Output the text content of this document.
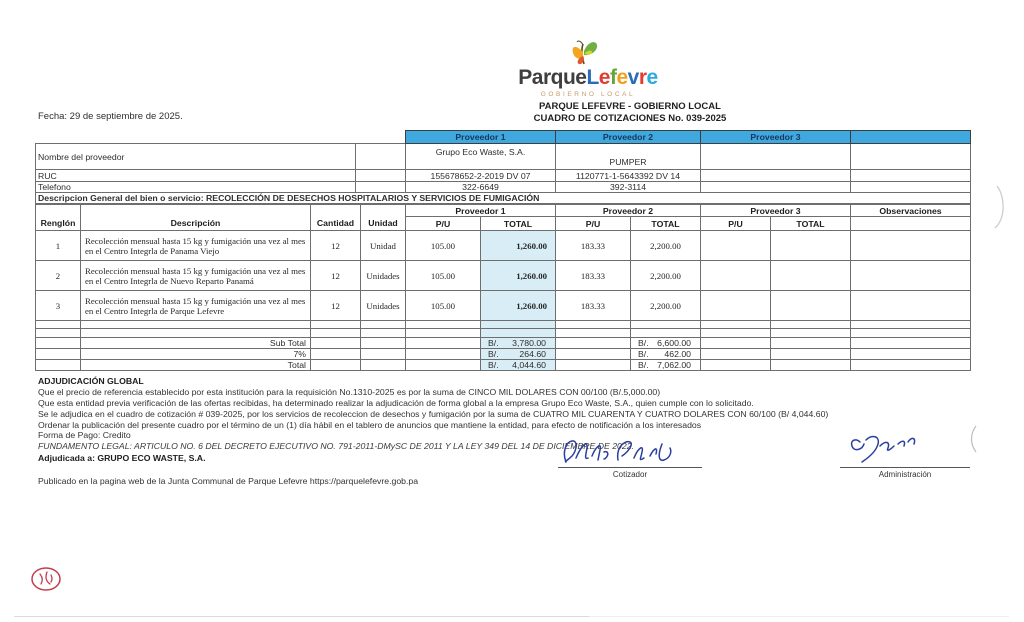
ParqueLefevre
GOBIERNO LOCAL
Fecha: 29 de septiembre de 2025.
PARQUE LEFEVRE - GOBIERNO LOCAL
CUADRO DE COTIZACIONES No. 039-2025
		Proveedor 1	Proveedor 2	Proveedor 3	
Nombre del proveedor		Grupo Eco Waste, S.A.	PUMPER		
RUC		155678652-2-2019 DV 07	1120771-1-5643392 DV 14		
Telefono		322-6649	392-3114		
Descripcion General del bien o servicio: RECOLECCIÓN DE DESECHOS HOSPITALARIOS Y SERVICIOS DE FUMIGACIÓN					
Renglón	Descripción	Cantidad	Unidad	Proveedor 1		Proveedor 2		Proveedor 3		Observaciones
				P/U	TOTAL	P/U	TOTAL	P/U	TOTAL	
1	Recolección mensual hasta 15 kg y fumigación una vez al mes en el Centro Integrla de Panama Viejo	12	Unidad	105.00	1,260.00	183.33	2,200.00			
2	Recolección mensual hasta 15 kg y fumigación una vez al mes en el Centro Integrla de Nuevo Reparto Panamá	12	Unidades	105.00	1,260.00	183.33	2,200.00			
3	Recolección mensual hasta 15 kg y fumigación una vez al mes en el Centro Integrla de Parque Lefevre	12	Unidades	105.00	1,260.00	183.33	2,200.00			

	Sub Total				B/. 3,780.00		B/. 6,600.00			

	7%				B/. 264.60		B/. 462.00			

	Total				B/. 4,044.60		B/. 7,062.00			

ADJUDICACIÓN GLOBAL
Que el precio de referencia establecido por esta institución para la requisición No.1310-2025 es por la suma de CINCO MIL DOLARES CON 00/100 (B/.5,000.00)
Que esta entidad previa verificación de las ofertas recibidas, ha determinado realizar la adjudicación de forma global a la empresa Grupo Eco Waste, S.A., quien cumple con lo solicitado.
Se le adjudica en el cuadro de cotización # 039-2025, por los servicios de recoleccion de desechos y fumigación por la suma de CUATRO MIL CUARENTA Y CUATRO DOLARES CON 60/100 (B/ 4,044.60)
Ordenar la publicación del presente cuadro por el término de un (1) día hábil en el tablero de anuncios que mantiene la entidad, para efecto de notificación a los interesados
Forma de Pago: Credito
FUNDAMENTO LEGAL: ARTICULO NO. 6 DEL DECRETO EJECUTIVO NO. 791-2011-DMySC DE 2011 Y LA LEY 349 DEL 14 DE DICIEMBRE DE 2022.
Adjudicada a: GRUPO ECO WASTE, S.A.
Publicado en la pagina web de la Junta Communal de Parque Lefevre https://parquelefevre.gob.pa
Cotizador	Administración
